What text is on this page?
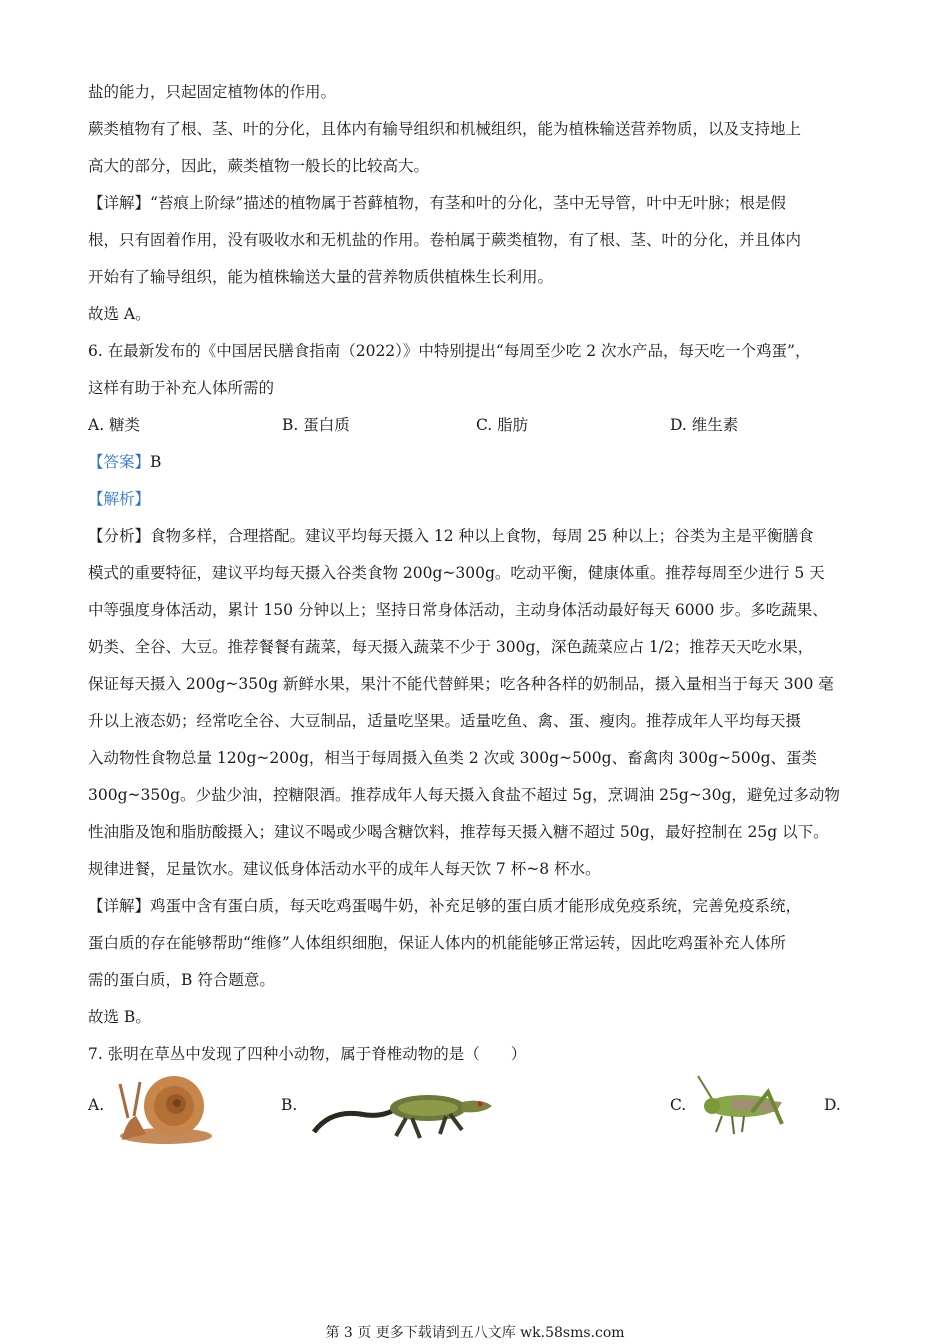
盐的能力，只起固定植物体的作用。

蕨类植物有了根、茎、叶的分化，且体内有输导组织和机械组织，能为植株输送营养物质，以及支持地上

高大的部分，因此，蕨类植物一般长的比较高大。

【详解】“苔痕上阶绿”描述的植物属于苔藓植物，有茎和叶的分化，茎中无导管，叶中无叶脉；根是假

根，只有固着作用，没有吸收水和无机盐的作用。卷柏属于蕨类植物，有了根、茎、叶的分化，并且体内

开始有了输导组织，能为植株输送大量的营养物质供植株生长利用。

故选 A。

6. 在最新发布的《中国居民膳食指南（2022）》中特别提出“每周至少吃 2 次水产品，每天吃一个鸡蛋”，

这样有助于补充人体所需的

A. 糖类	B. 蛋白质	C. 脂肪	D. 维生素

【答案】B

【解析】

【分析】食物多样，合理搭配。建议平均每天摄入 12 种以上食物，每周 25 种以上；谷类为主是平衡膳食

模式的重要特征，建议平均每天摄入谷类食物 200g~300g。吃动平衡，健康体重。推荐每周至少进行 5 天

中等强度身体活动，累计 150 分钟以上；坚持日常身体活动，主动身体活动最好每天 6000 步。多吃蔬果、

奶类、全谷、大豆。推荐餐餐有蔬菜，每天摄入蔬菜不少于 300g，深色蔬菜应占 1/2；推荐天天吃水果，

保证每天摄入 200g~350g 新鲜水果，果汁不能代替鲜果；吃各种各样的奶制品，摄入量相当于每天 300 毫

升以上液态奶；经常吃全谷、大豆制品，适量吃坚果。适量吃鱼、禽、蛋、瘦肉。推荐成年人平均每天摄

入动物性食物总量 120g~200g，相当于每周摄入鱼类 2 次或 300g~500g、畜禽肉 300g~500g、蛋类

300g~350g。少盐少油，控糖限酒。推荐成年人每天摄入食盐不超过 5g，烹调油 25g~30g，避免过多动物

性油脂及饱和脂肪酸摄入；建议不喝或少喝含糖饮料，推荐每天摄入糖不超过 50g，最好控制在 25g 以下。

规律进餐，足量饮水。建议低身体活动水平的成年人每天饮 7 杯~8 杯水。

【详解】鸡蛋中含有蛋白质，每天吃鸡蛋喝牛奶，补充足够的蛋白质才能形成免疫系统，完善免疫系统，

蛋白质的存在能够帮助“维修”人体组织细胞，保证人体内的机能能够正常运转，因此吃鸡蛋补充人体所

需的蛋白质，B 符合题意。

故选 B。

7. 张明在草丛中发现了四种小动物，属于脊椎动物的是（　　）

A.	B.	C.	D.
第 3 页 更多下载请到五八文库 wk.58sms.com
